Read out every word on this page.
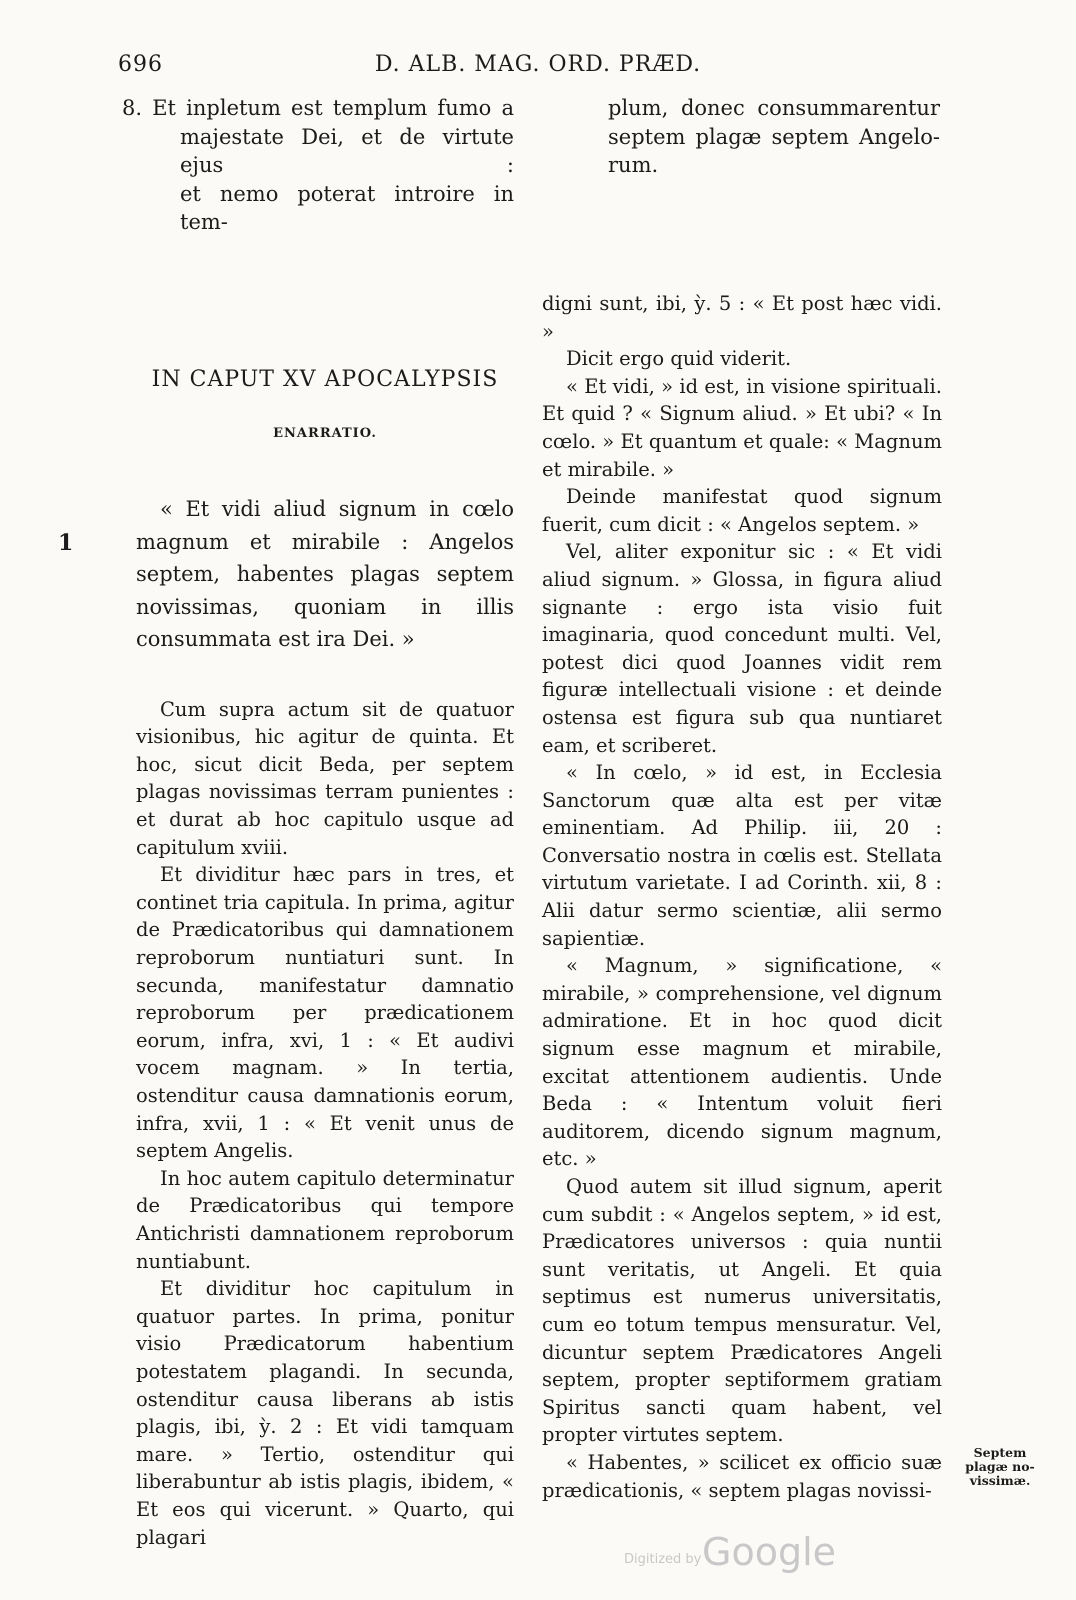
696	D. ALB. MAG. ORD. PRÆD.
8. Et inpletum est templum fumo a
majestate Dei, et de virtute ejus :
et nemo poterat introire in tem-
plum, donec consummarentur
septem plagæ septem Angelo-
rum.
1

IN CAPUT XV APOCALYPSIS

ENARRATIO.

« Et vidi aliud signum in cœlo magnum et mirabile : Angelos septem, habentes plagas septem novissimas, quoniam in illis consummata est ira Dei. »

Cum supra actum sit de quatuor visionibus, hic agitur de quinta. Et hoc, sicut dicit Beda, per septem plagas novissimas terram punientes : et durat ab hoc capitulo usque ad capitulum xviii.

Et dividitur hæc pars in tres, et continet tria capitula. In prima, agitur de Prædicatoribus qui damnationem reproborum nuntiaturi sunt. In secunda, manifestatur damnatio reproborum per prædicationem eorum, infra, xvi, 1 : « Et audivi vocem magnam. » In tertia, ostenditur causa damnationis eorum, infra, xvii, 1 : « Et venit unus de septem Angelis.

In hoc autem capitulo determinatur de Prædicatoribus qui tempore Antichristi damnationem reproborum nuntiabunt.

Et dividitur hoc capitulum in quatuor partes. In prima, ponitur visio Prædicatorum habentium potestatem plagandi. In secunda, ostenditur causa liberans ab istis plagis, ibi, ỳ. 2 : Et vidi tamquam mare. » Tertio, ostenditur qui liberabuntur ab istis plagis, ibidem, « Et eos qui vicerunt. » Quarto, qui plagari

digni sunt, ibi, ỳ. 5 : « Et post hæc vidi. »

Dicit ergo quid viderit.

« Et vidi, » id est, in visione spirituali. Et quid ? « Signum aliud. » Et ubi? « In cœlo. » Et quantum et quale: « Magnum et mirabile. »

Deinde manifestat quod signum fuerit, cum dicit : « Angelos septem. »

Vel, aliter exponitur sic : « Et vidi aliud signum. » Glossa, in figura aliud signante : ergo ista visio fuit imaginaria, quod concedunt multi. Vel, potest dici quod Joannes vidit rem figuræ intellectuali visione : et deinde ostensa est figura sub qua nuntiaret eam, et scriberet.

« In cœlo, » id est, in Ecclesia Sanctorum quæ alta est per vitæ eminentiam. Ad Philip. iii, 20 : Conversatio nostra in cœlis est. Stellata virtutum varietate. I ad Corinth. xii, 8 : Alii datur sermo scientiæ, alii sermo sapientiæ.

« Magnum, » significatione, « mirabile, » comprehensione, vel dignum admiratione. Et in hoc quod dicit signum esse magnum et mirabile, excitat attentionem audientis. Unde Beda : « Intentum voluit fieri auditorem, dicendo signum magnum, etc. »

Quod autem sit illud signum, aperit cum subdit : « Angelos septem, » id est, Prædicatores universos : quia nuntii sunt veritatis, ut Angeli. Et quia septimus est numerus universitatis, cum eo totum tempus mensuratur. Vel, dicuntur septem Prædicatores Angeli septem, propter septiformem gratiam Spiritus sancti quam habent, vel propter virtutes septem.

« Habentes, » scilicet ex officio suæ prædicationis, « septem plagas novissi-

Septem plagæ no- vissimæ.
Digitized by Google
